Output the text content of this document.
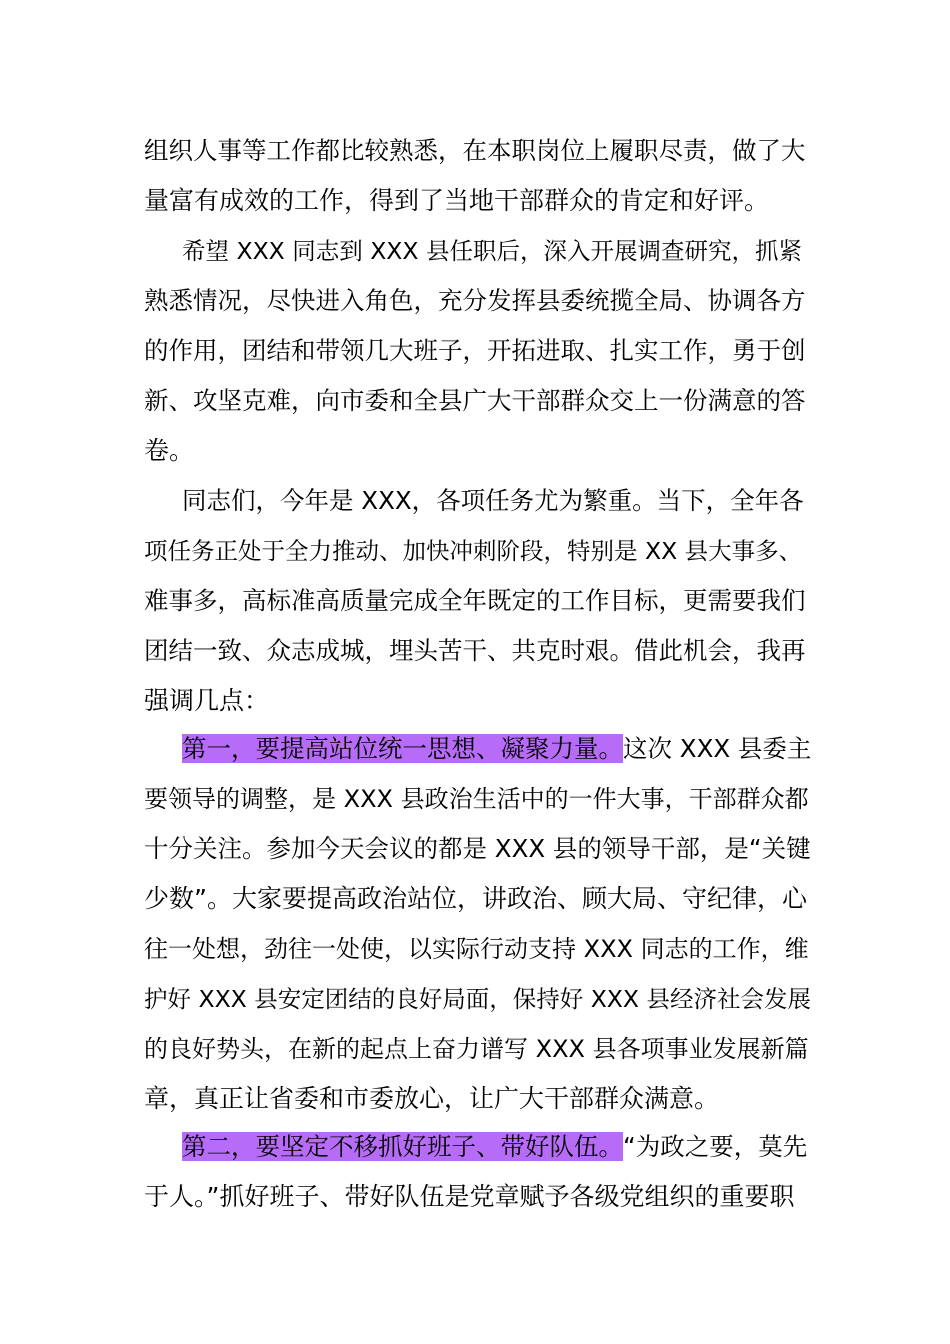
组织人事等工作都比较熟悉，在本职岗位上履职尽责，做了大
量富有成效的工作，得到了当地干部群众的肯定和好评。
希望 XXX 同志到 XXX 县任职后，深入开展调查研究，抓紧
熟悉情况，尽快进入角色，充分发挥县委统揽全局、协调各方
的作用，团结和带领几大班子，开拓进取、扎实工作，勇于创
新、攻坚克难，向市委和全县广大干部群众交上一份满意的答
卷。
同志们，今年是 XXX，各项任务尤为繁重。当下，全年各
项任务正处于全力推动、加快冲刺阶段，特别是 XX 县大事多、
难事多，高标准高质量完成全年既定的工作目标，更需要我们
团结一致、众志成城，埋头苦干、共克时艰。借此机会，我再
强调几点：
第一，要提高站位统一思想、凝聚力量。这次 XXX 县委主
要领导的调整，是 XXX 县政治生活中的一件大事，干部群众都
十分关注。参加今天会议的都是 XXX 县的领导干部，是“关键
少数”。大家要提高政治站位，讲政治、顾大局、守纪律，心
往一处想，劲往一处使，以实际行动支持 XXX 同志的工作，维
护好 XXX 县安定团结的良好局面，保持好 XXX 县经济社会发展
的良好势头，在新的起点上奋力谱写 XXX 县各项事业发展新篇
章，真正让省委和市委放心，让广大干部群众满意。
第二，要坚定不移抓好班子、带好队伍。“为政之要，莫先
于人。”抓好班子、带好队伍是党章赋予各级党组织的重要职
